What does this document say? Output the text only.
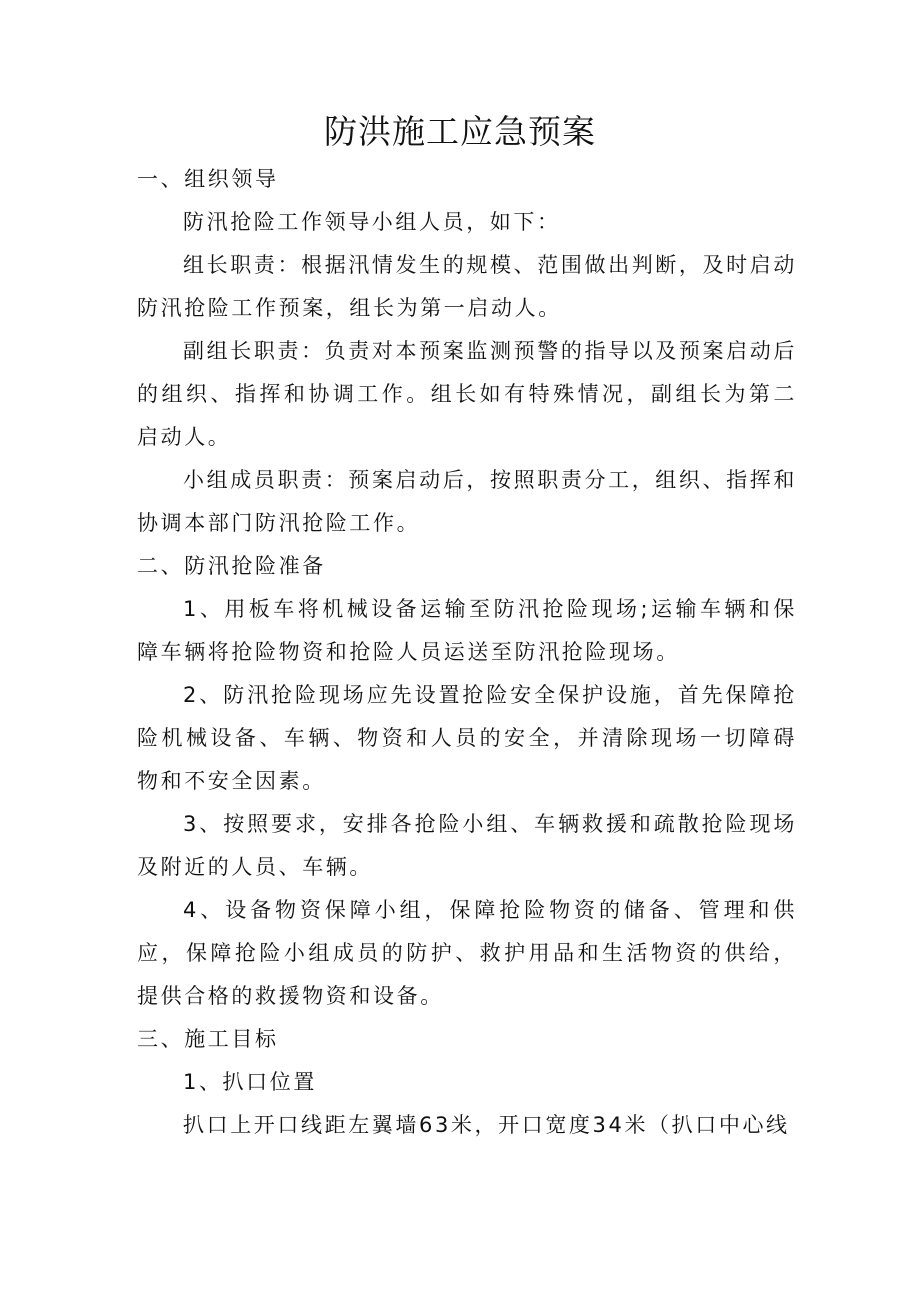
防洪施工应急预案

一、组织领导

防汛抢险工作领导小组人员，如下：

组长职责：根据汛情发生的规模、范围做出判断，及时启动防汛抢险工作预案，组长为第一启动人。

副组长职责：负责对本预案监测预警的指导以及预案启动后的组织、指挥和协调工作。组长如有特殊情况，副组长为第二启动人。

小组成员职责：预案启动后，按照职责分工，组织、指挥和协调本部门防汛抢险工作。

二、防汛抢险准备

1、用板车将机械设备运输至防汛抢险现场;运输车辆和保障车辆将抢险物资和抢险人员运送至防汛抢险现场。

2、防汛抢险现场应先设置抢险安全保护设施，首先保障抢险机械设备、车辆、物资和人员的安全，并清除现场一切障碍物和不安全因素。

3、按照要求，安排各抢险小组、车辆救援和疏散抢险现场及附近的人员、车辆。

4、设备物资保障小组，保障抢险物资的储备、管理和供应，保障抢险小组成员的防护、救护用品和生活物资的供给，提供合格的救援物资和设备。

三、施工目标

1、扒口位置

扒口上开口线距左翼墙63米，开口宽度34米（扒口中心线
